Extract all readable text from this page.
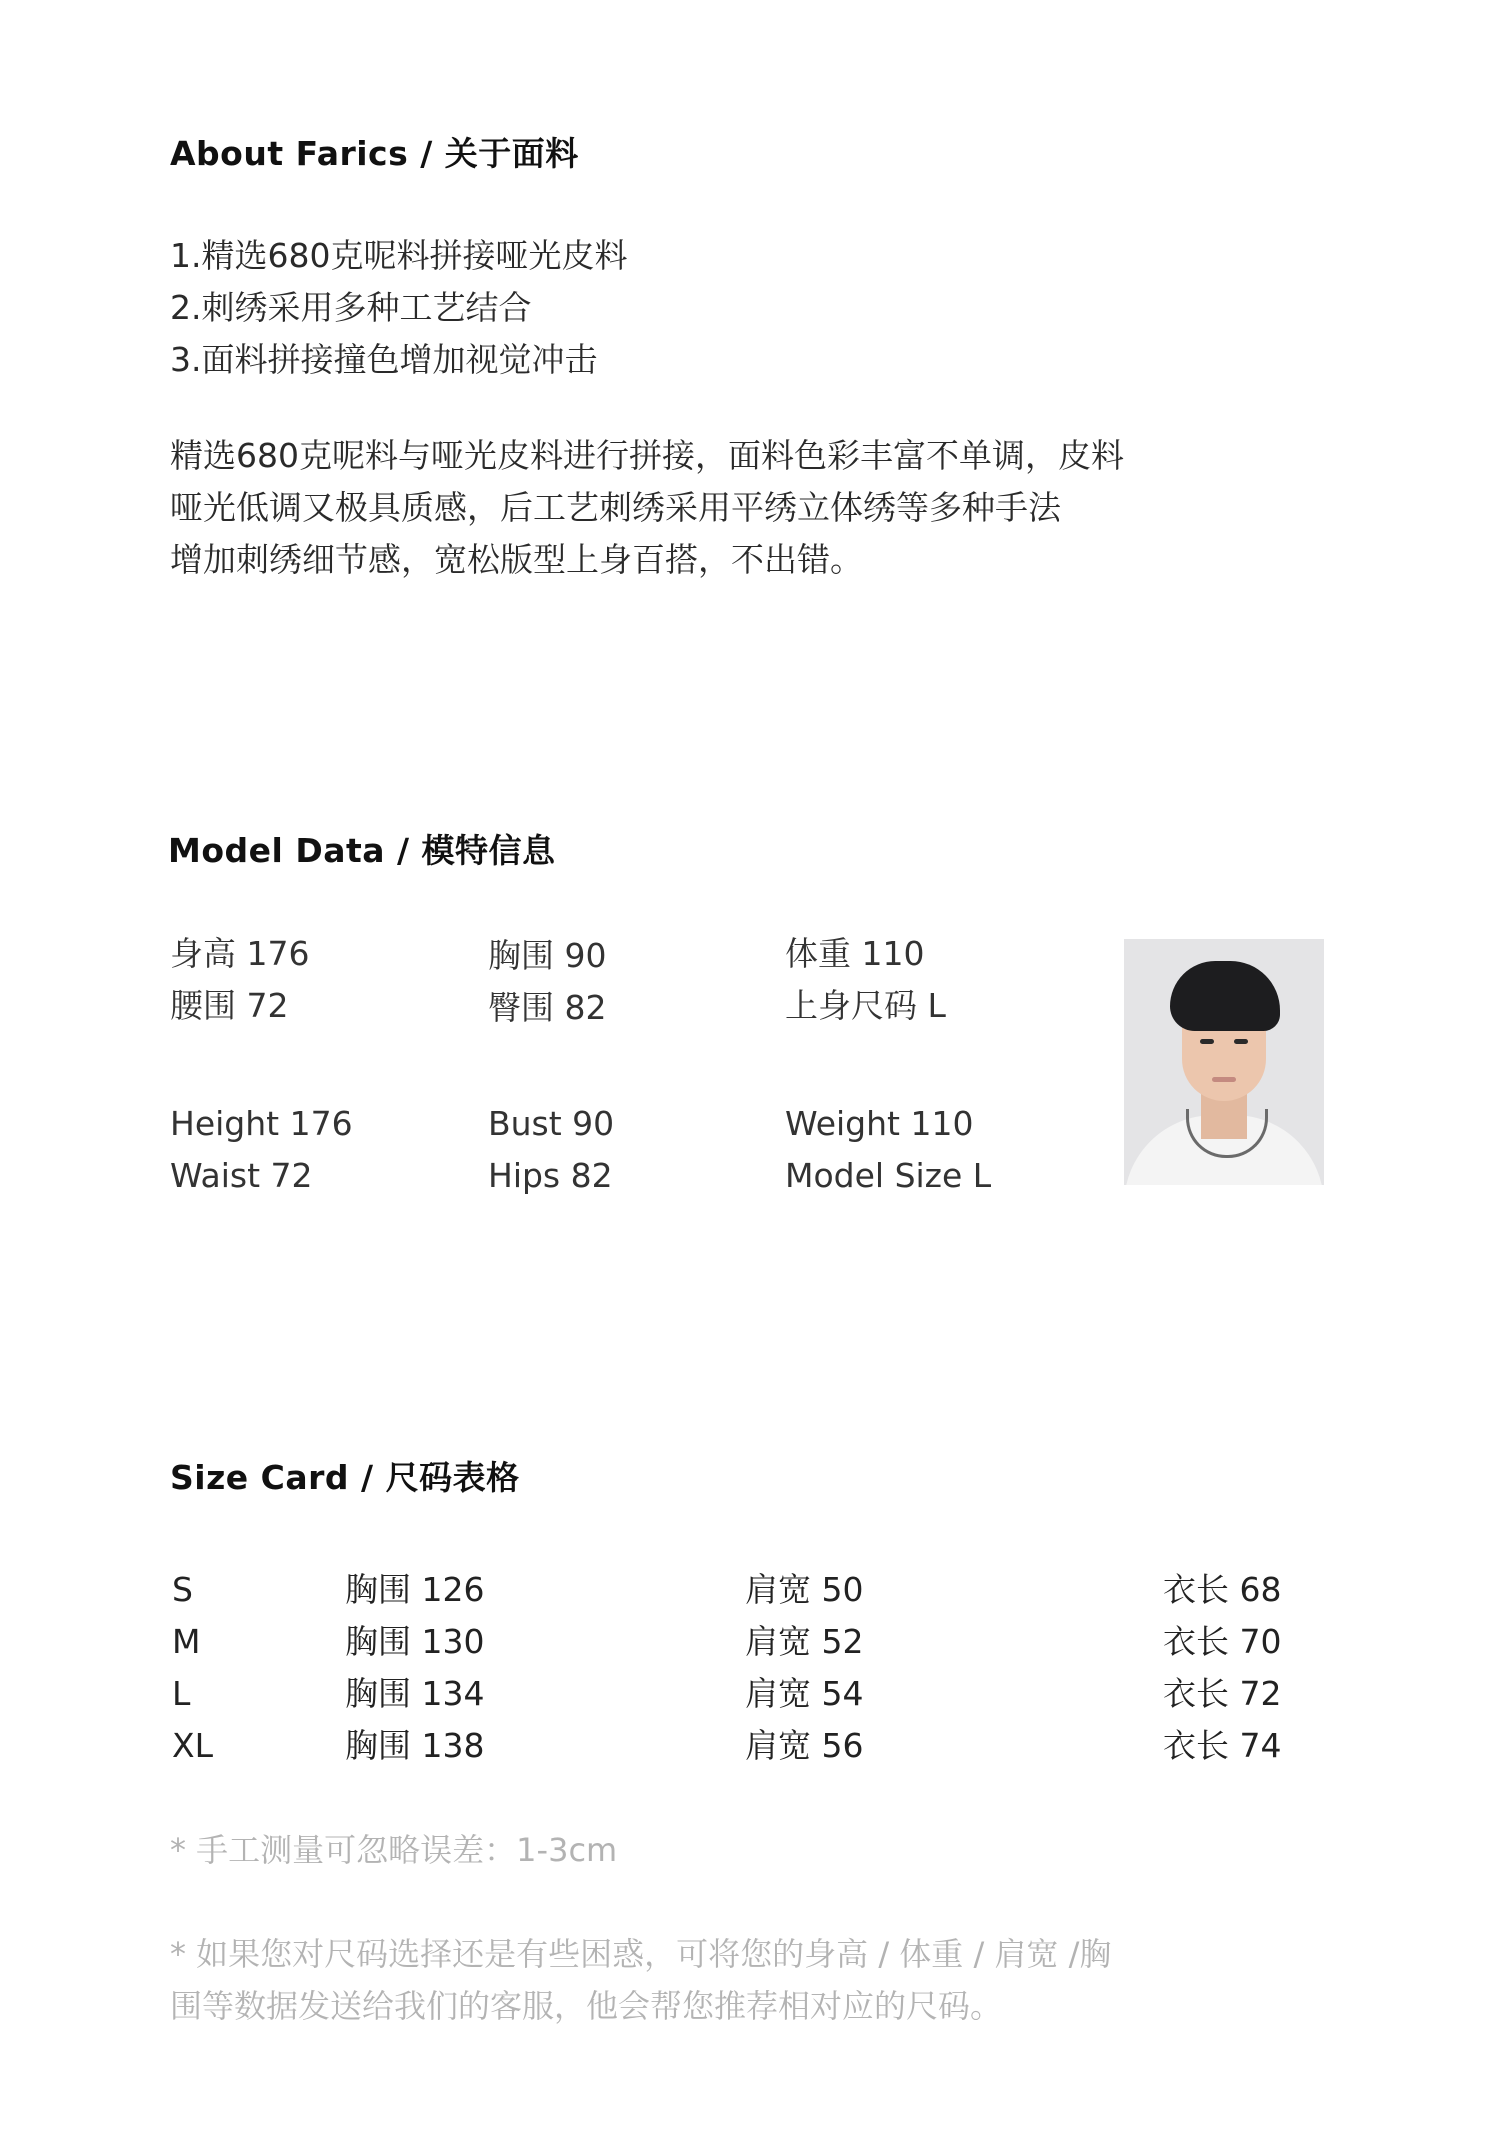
About Farics / 关于面料
1.精选680克呢料拼接哑光皮料
2.刺绣采用多种工艺结合
3.面料拼接撞色增加视觉冲击
精选680克呢料与哑光皮料进行拼接，面料色彩丰富不单调，皮料
哑光低调又极具质感，后工艺刺绣采用平绣立体绣等多种手法
增加刺绣细节感，宽松版型上身百搭，不出错。
Model Data / 模特信息
身高 176	胸围 90	体重 110
腰围 72	臀围 82	上身尺码 L
Height 176	Bust 90	Weight 110
Waist 72	Hips 82	Model Size L
Size Card / 尺码表格
S	胸围 126	肩宽 50	衣长 68
M	胸围 130	肩宽 52	衣长 70
L	胸围 134	肩宽 54	衣长 72
XL	胸围 138	肩宽 56	衣长 74
* 手工测量可忽略误差：1-3cm
* 如果您对尺码选择还是有些困惑，可将您的身高 / 体重 / 肩宽 /胸
围等数据发送给我们的客服，他会帮您推荐相对应的尺码。
